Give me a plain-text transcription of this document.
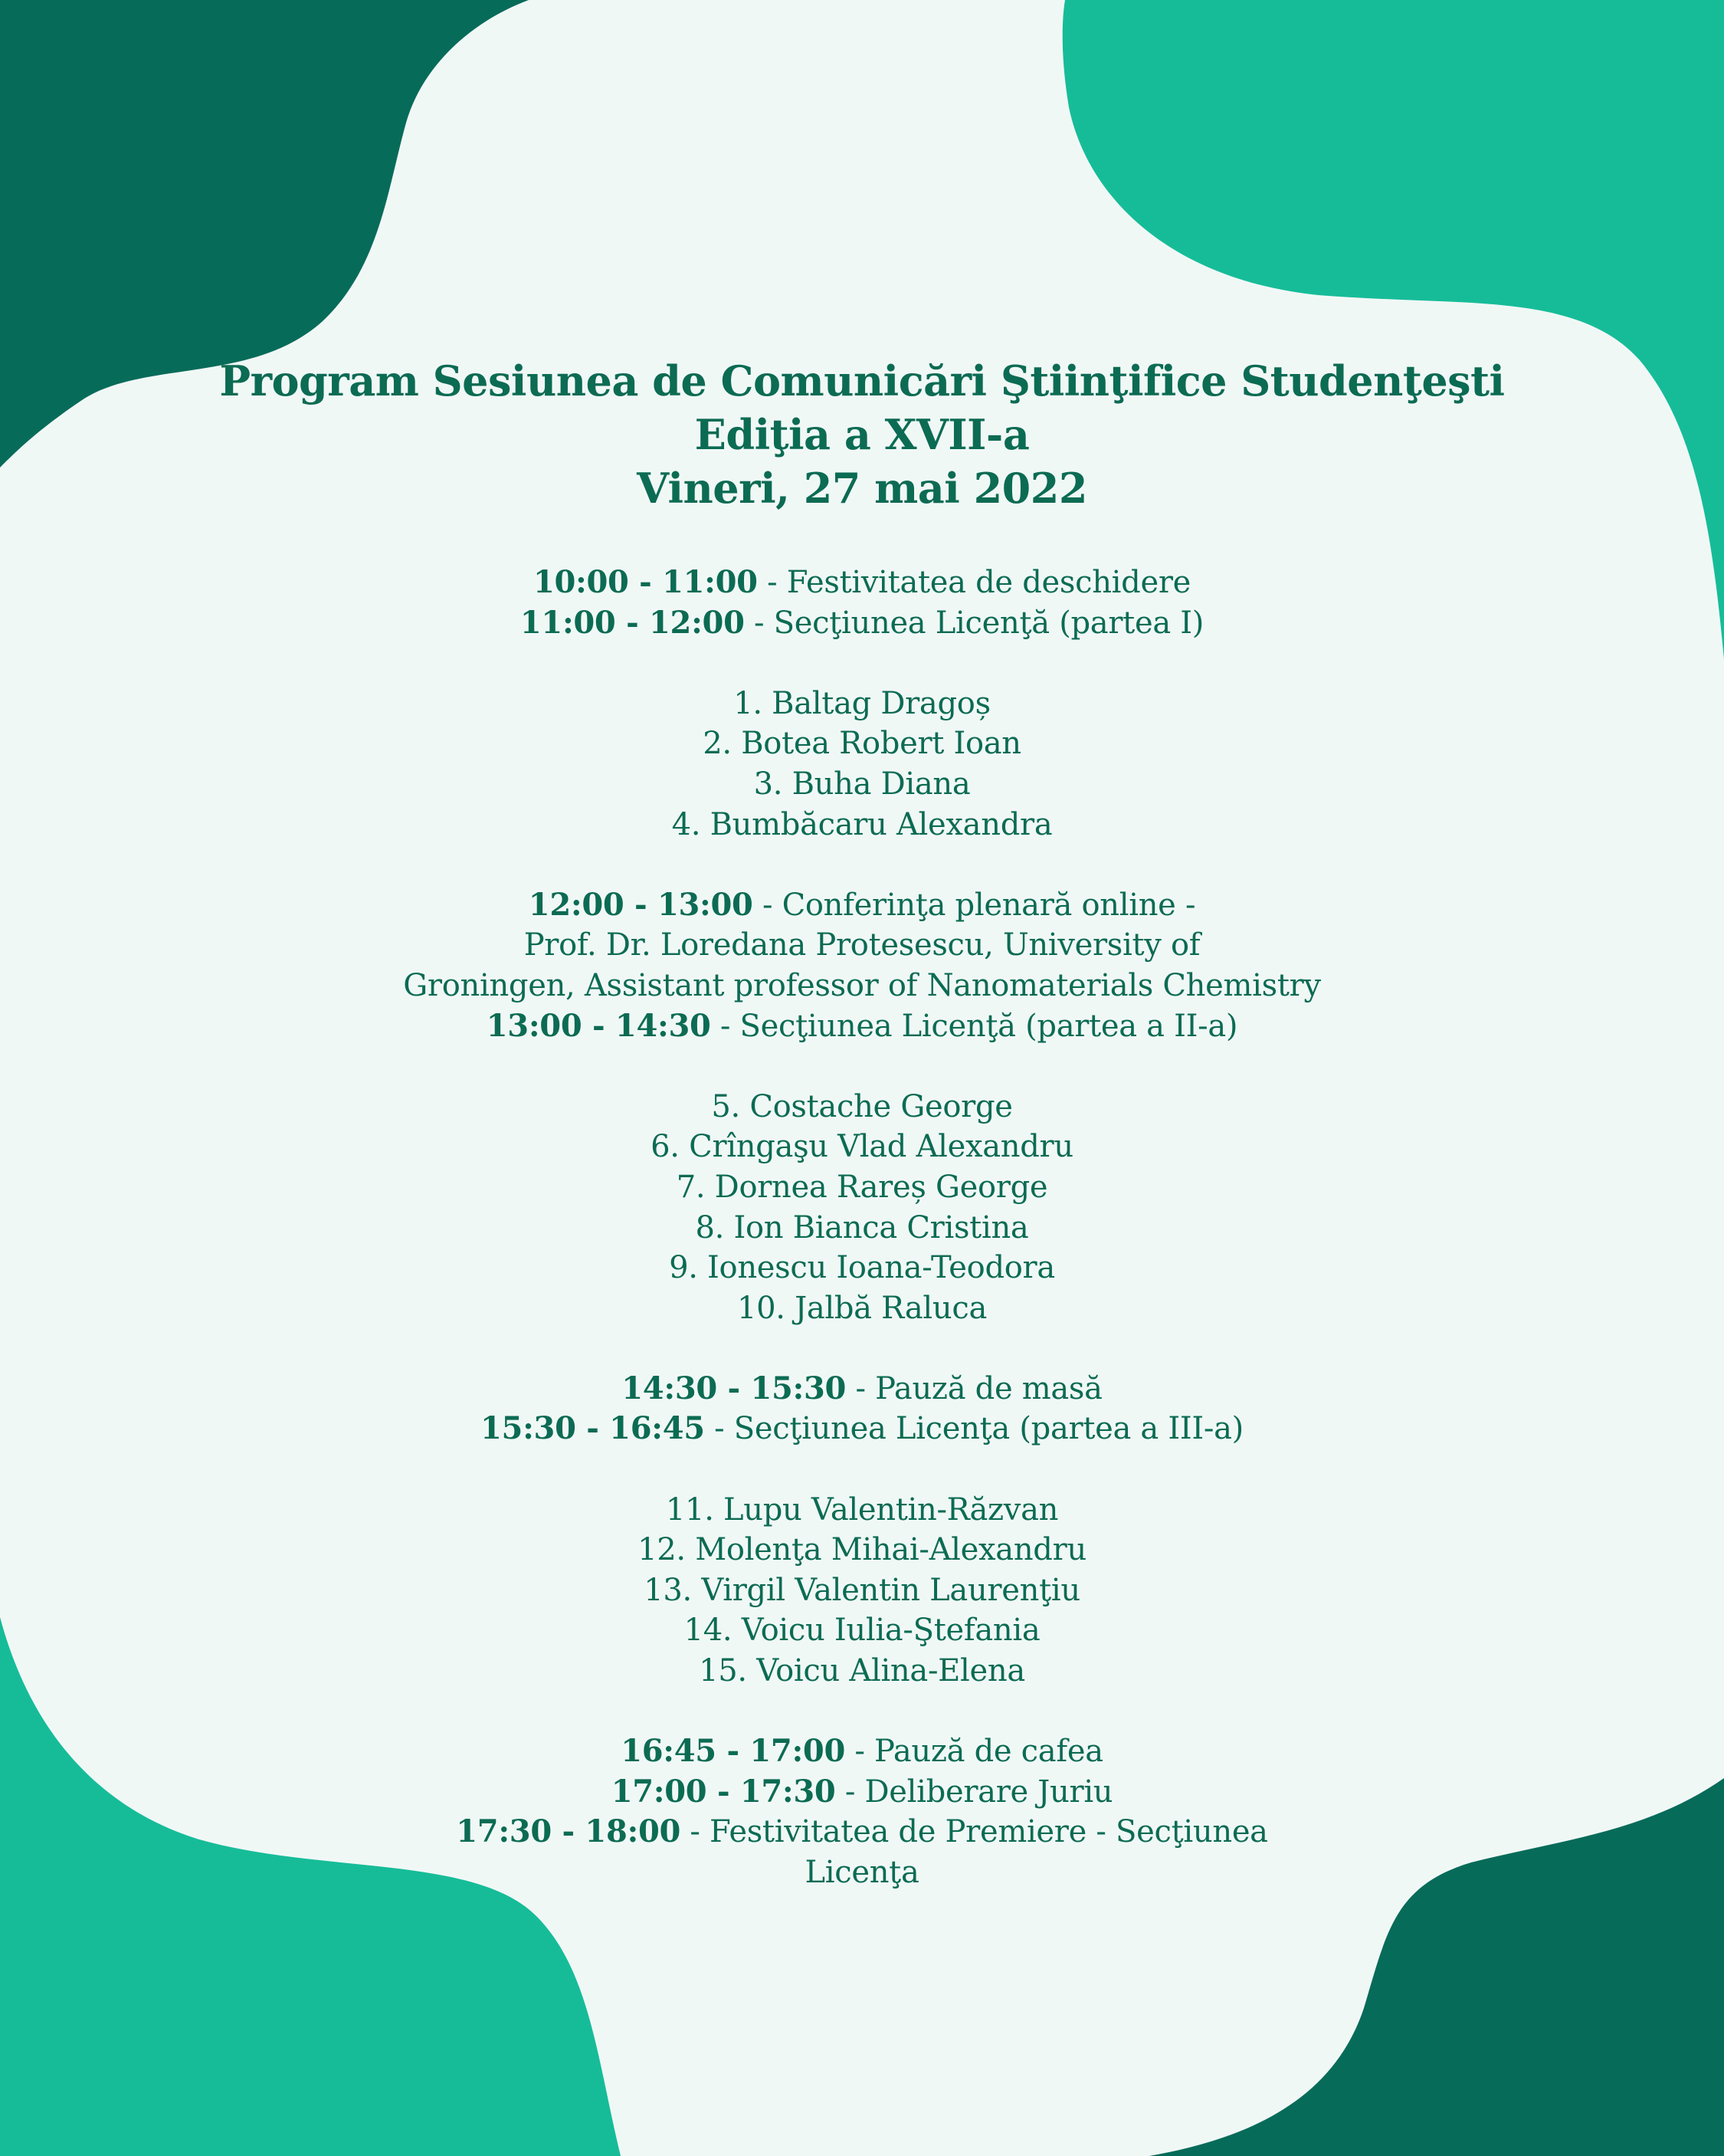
Program Sesiunea de Comunicări Ştiinţifice Studenţeşti
Ediţia a XVII-a
Vineri, 27 mai 2022
10:00 - 11:00 - Festivitatea de deschidere
11:00 - 12:00 - Secţiunea Licenţă (partea I)
1. Baltag Dragoș
2. Botea Robert Ioan
3. Buha Diana
4. Bumbăcaru Alexandra
12:00 - 13:00 - Conferinţa plenară online -
Prof. Dr. Loredana Protesescu, University of
Groningen, Assistant professor of Nanomaterials Chemistry
13:00 - 14:30 - Secţiunea Licenţă (partea a II-a)
5. Costache George
6. Crîngaşu Vlad Alexandru
7. Dornea Rareș George
8. Ion Bianca Cristina
9. Ionescu Ioana-Teodora
10. Jalbă Raluca
14:30 - 15:30 - Pauză de masă
15:30 - 16:45 - Secţiunea Licenţa (partea a III-a)
11. Lupu Valentin-Răzvan
12. Molenţa Mihai-Alexandru
13. Virgil Valentin Laurenţiu
14. Voicu Iulia-Ştefania
15. Voicu Alina-Elena
16:45 - 17:00 - Pauză de cafea
17:00 - 17:30 - Deliberare Juriu
17:30 - 18:00 - Festivitatea de Premiere - Secţiunea
Licenţa
